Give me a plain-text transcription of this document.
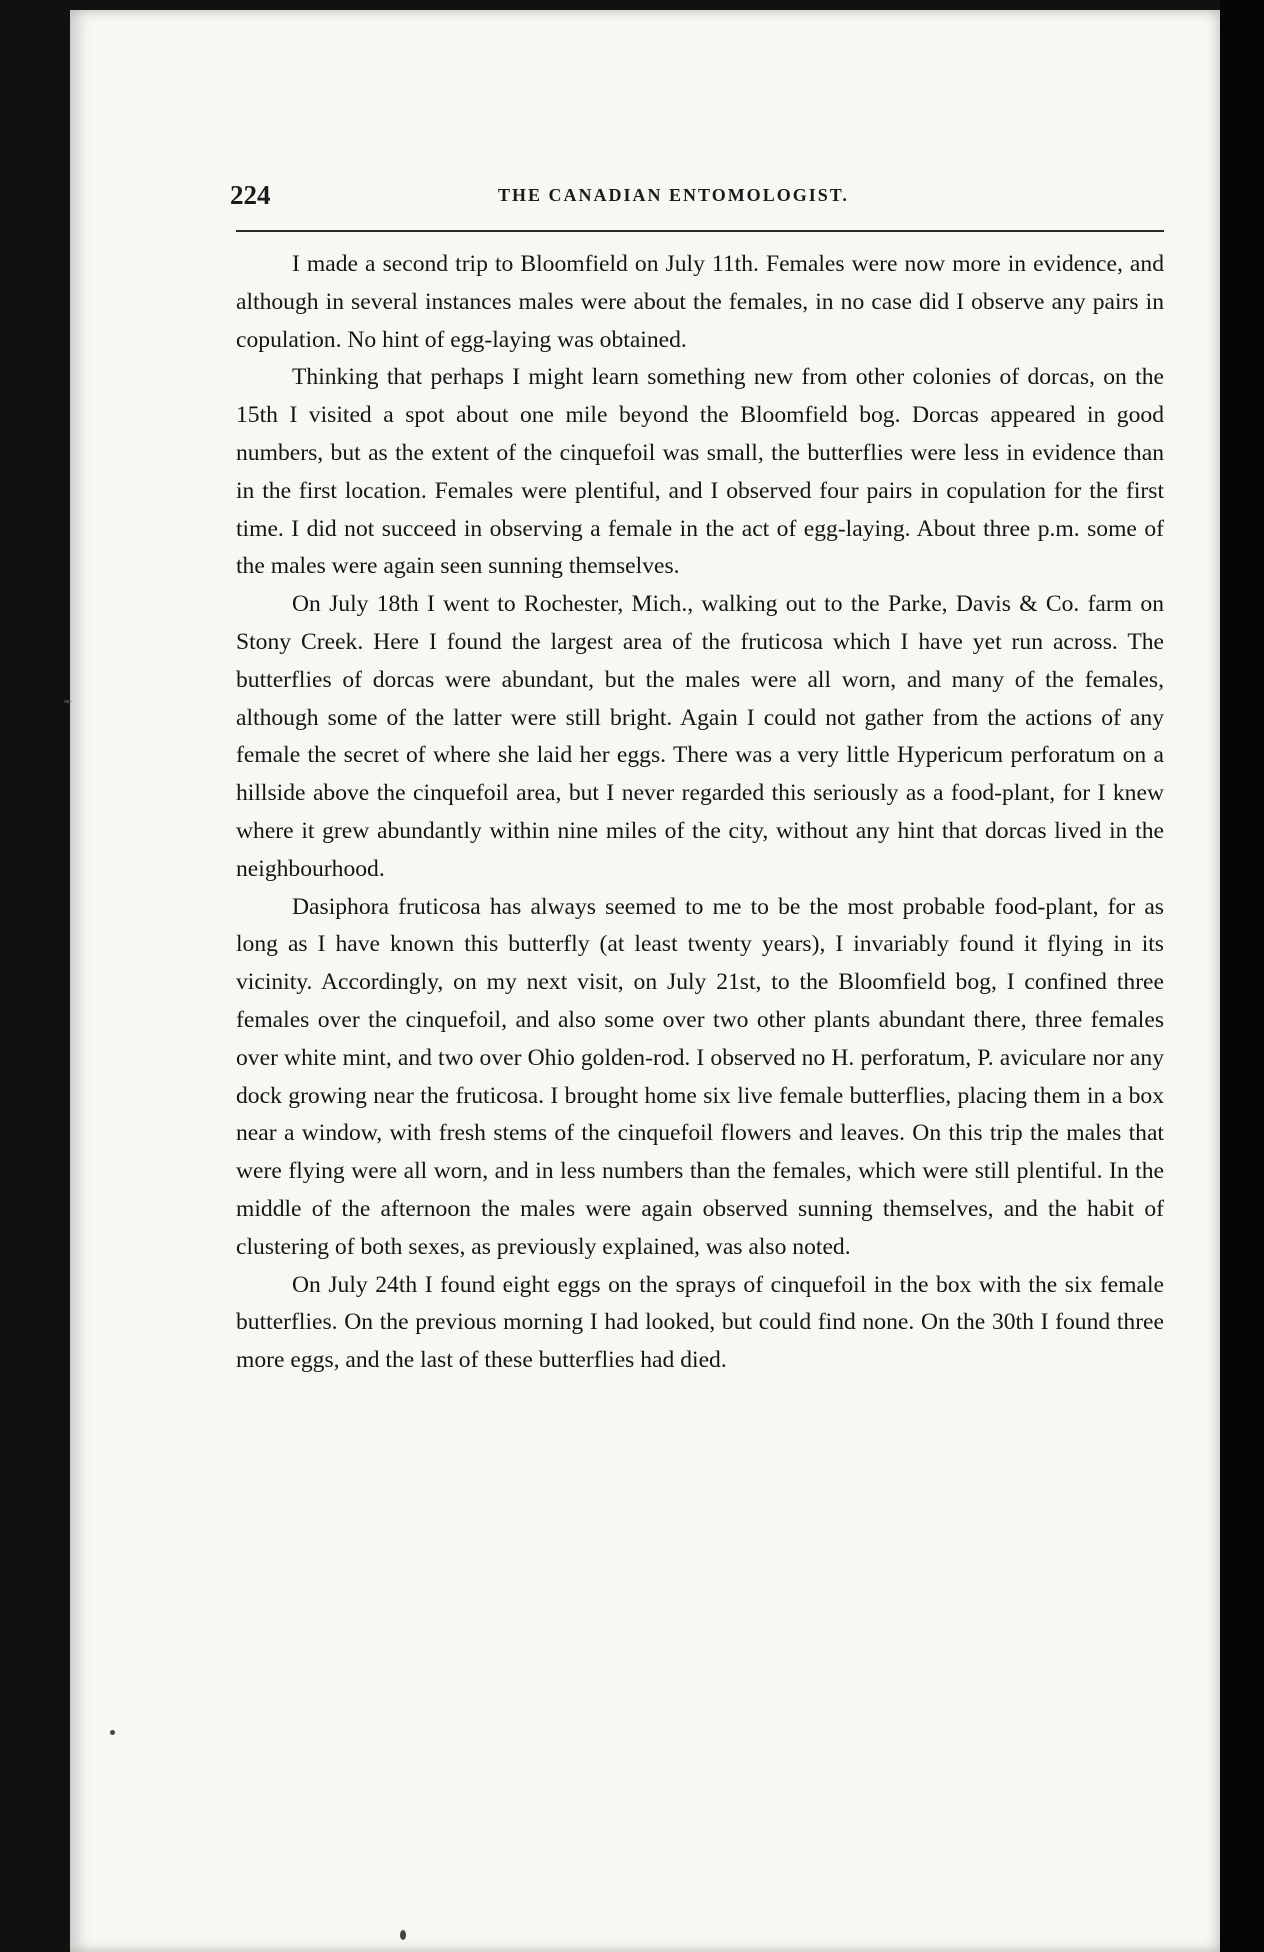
224	THE CANADIAN ENTOMOLOGIST.

I made a second trip to Bloomfield on July 11th. Females were now more in evidence, and although in several instances males were about the females, in no case did I observe any pairs in copulation. No hint of egg-laying was obtained.

Thinking that perhaps I might learn something new from other colonies of dorcas, on the 15th I visited a spot about one mile beyond the Bloomfield bog. Dorcas appeared in good numbers, but as the extent of the cinquefoil was small, the butterflies were less in evidence than in the first location. Females were plentiful, and I observed four pairs in copulation for the first time. I did not succeed in observing a female in the act of egg-laying. About three p.m. some of the males were again seen sunning themselves.

On July 18th I went to Rochester, Mich., walking out to the Parke, Davis & Co. farm on Stony Creek. Here I found the largest area of the fruticosa which I have yet run across. The butterflies of dorcas were abundant, but the males were all worn, and many of the females, although some of the latter were still bright. Again I could not gather from the actions of any female the secret of where she laid her eggs. There was a very little Hypericum perforatum on a hillside above the cinquefoil area, but I never regarded this seriously as a food-plant, for I knew where it grew abundantly within nine miles of the city, without any hint that dorcas lived in the neighbourhood.

Dasiphora fruticosa has always seemed to me to be the most probable food-plant, for as long as I have known this butterfly (at least twenty years), I invariably found it flying in its vicinity. Accordingly, on my next visit, on July 21st, to the Bloomfield bog, I confined three females over the cinquefoil, and also some over two other plants abundant there, three females over white mint, and two over Ohio golden-rod. I observed no H. perforatum, P. aviculare nor any dock growing near the fruticosa. I brought home six live female butterflies, placing them in a box near a window, with fresh stems of the cinquefoil flowers and leaves. On this trip the males that were flying were all worn, and in less numbers than the females, which were still plentiful. In the middle of the afternoon the males were again observed sunning themselves, and the habit of clustering of both sexes, as previously explained, was also noted.

On July 24th I found eight eggs on the sprays of cinquefoil in the box with the six female butterflies. On the previous morning I had looked, but could find none. On the 30th I found three more eggs, and the last of these butterflies had died.
